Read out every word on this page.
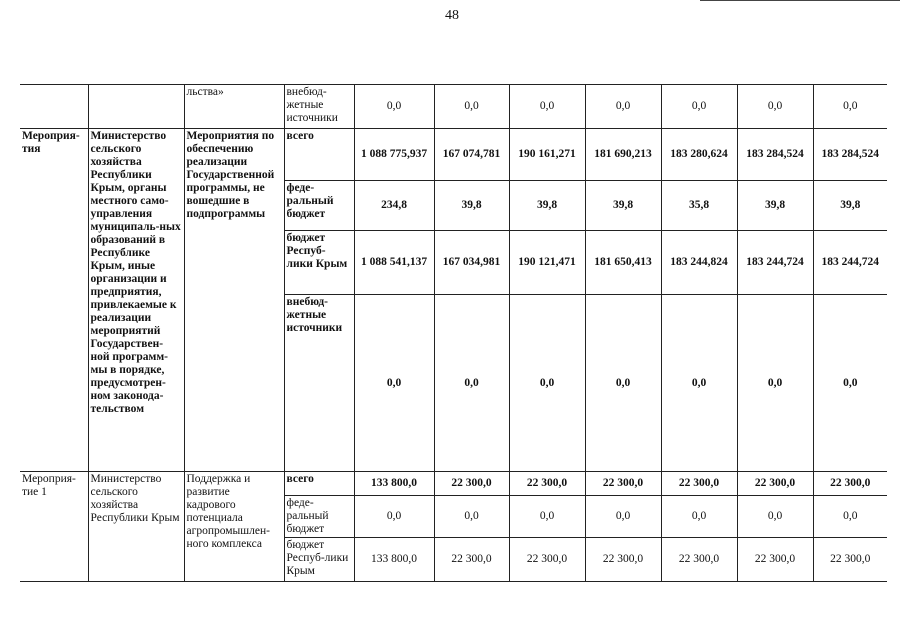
48
		льства»	внебюд-жетные источники	0,0	0,0	0,0	0,0	0,0	0,0	0,0
Мероприя-тия	Министерство сельского хозяйства Республики Крым, органы местного само-управления муниципаль-ных образований в Республике Крым, иные организации и предприятия, привлекаемые к реализации мероприятий Государствен-ной программ-мы в порядке, предусмотрен-ном законода-тельством	Мероприятия по обеспечению реализации Государственной программы, не вошедшие в подпрограммы	всего	1 088 775,937	167 074,781	190 161,271	181 690,213	183 280,624	183 284,524	183 284,524
			феде-ральный бюджет	234,8	39,8	39,8	39,8	35,8	39,8	39,8
			бюджет Респуб-лики Крым	1 088 541,137	167 034,981	190 121,471	181 650,413	183 244,824	183 244,724	183 244,724
			внебюд-жетные источники	0,0	0,0	0,0	0,0	0,0	0,0	0,0
Мероприя-тие 1	Министерство сельского хозяйства Республики Крым	Поддержка и развитие кадрового потенциала агропромышлен-ного комплекса	всего	133 800,0	22 300,0	22 300,0	22 300,0	22 300,0	22 300,0	22 300,0
			феде-ральный бюджет	0,0	0,0	0,0	0,0	0,0	0,0	0,0
			бюджет Респуб-лики Крым	133 800,0	22 300,0	22 300,0	22 300,0	22 300,0	22 300,0	22 300,0
